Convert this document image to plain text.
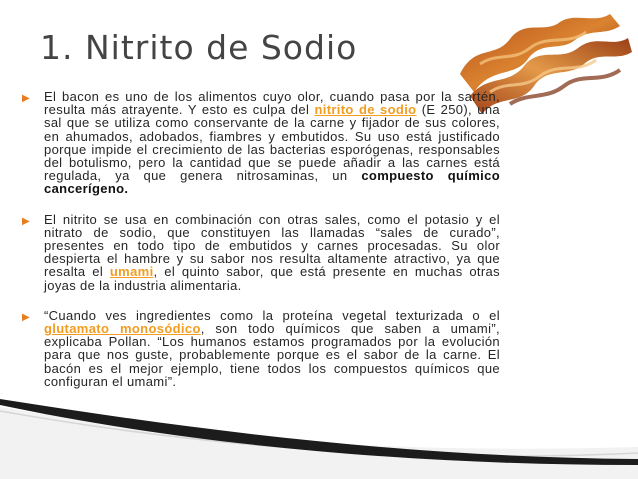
1. Nitrito de Sodio
▶ El bacon es uno de los alimentos cuyo olor, cuando pasa por la sartén, resulta más atrayente. Y esto es culpa del nitrito de sodio (E 250), una sal que se utiliza como conservante de la carne y fijador de sus colores, en ahumados, adobados, fiambres y embutidos. Su uso está justificado porque impide el crecimiento de las bacterias esporógenas, responsables del botulismo, pero la cantidad que se puede añadir a las carnes está regulada, ya que genera nitrosaminas, un compuesto químico cancerígeno.
▶ El nitrito se usa en combinación con otras sales, como el potasio y el nitrato de sodio, que constituyen las llamadas “sales de curado”, presentes en todo tipo de embutidos y carnes procesadas. Su olor despierta el hambre y su sabor nos resulta altamente atractivo, ya que resalta el umami, el quinto sabor, que está presente en muchas otras joyas de la industria alimentaria.
▶ “Cuando ves ingredientes como la proteína vegetal texturizada o el glutamato monosódico, son todo químicos que saben a umami”, explicaba Pollan. “Los humanos estamos programados por la evolución para que nos guste, probablemente porque es el sabor de la carne. El bacón es el mejor ejemplo, tiene todos los compuestos químicos que configuran el umami”.
